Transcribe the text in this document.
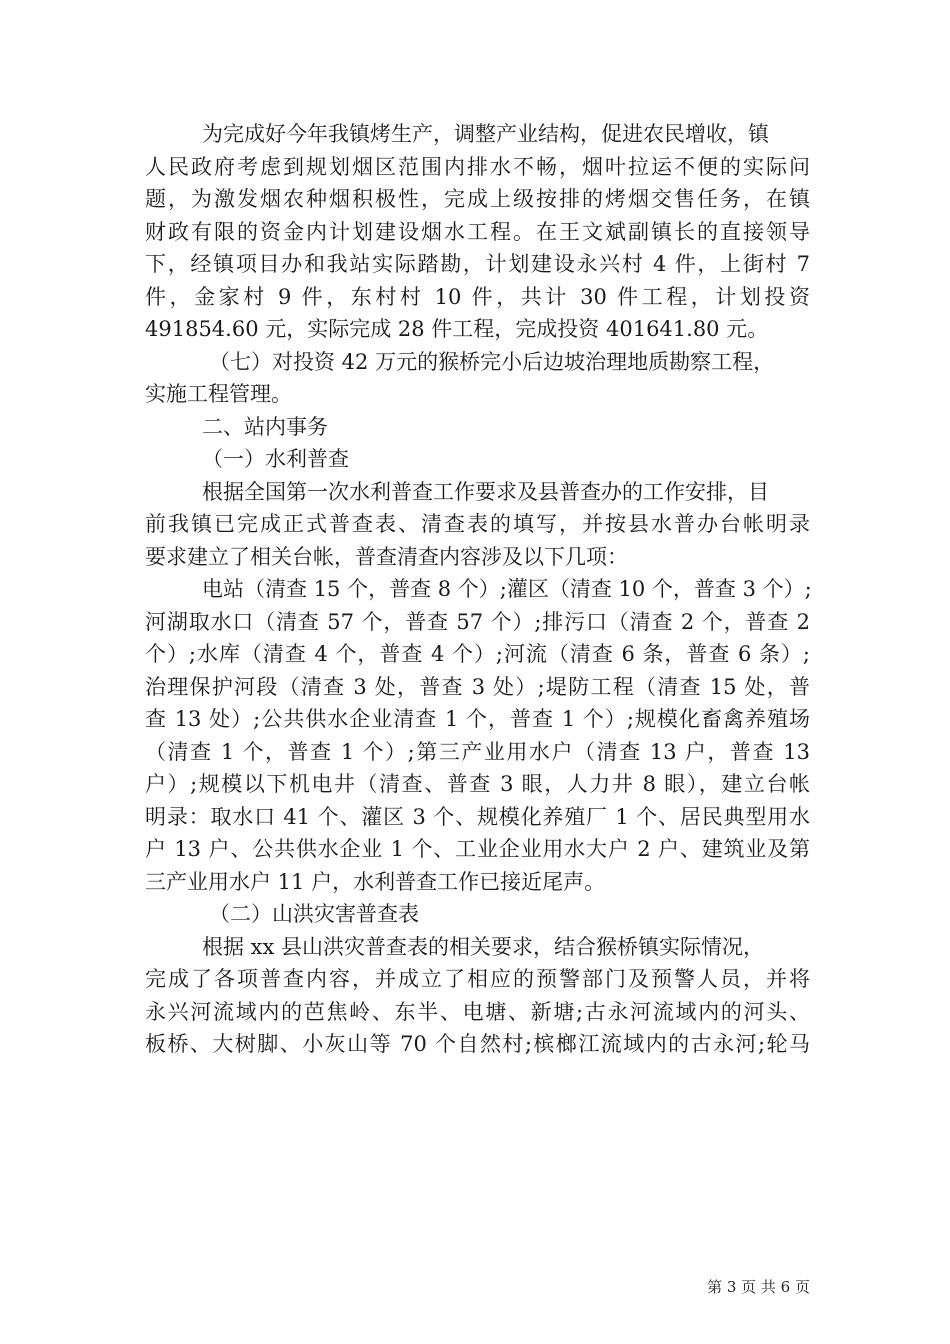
为完成好今年我镇烤生产，调整产业结构，促进农民增收，镇
人民政府考虑到规划烟区范围内排水不畅，烟叶拉运不便的实际问
题，为激发烟农种烟积极性，完成上级按排的烤烟交售任务，在镇
财政有限的资金内计划建设烟水工程。在王文斌副镇长的直接领导
下，经镇项目办和我站实际踏勘，计划建设永兴村 4 件，上街村 7
件，金家村 9 件，东村村 10 件，共计 30 件工程，计划投资
491854.60 元，实际完成 28 件工程，完成投资 401641.80 元。
（七）对投资 42 万元的猴桥完小后边坡治理地质勘察工程，
实施工程管理。
二、站内事务
（一）水利普查
根据全国第一次水利普查工作要求及县普查办的工作安排，目
前我镇已完成正式普查表、清查表的填写，并按县水普办台帐明录
要求建立了相关台帐，普查清查内容涉及以下几项：
电站（清查 15 个，普查 8 个）;灌区（清查 10 个，普查 3 个）;
河湖取水口（清查 57 个，普查 57 个）;排污口（清查 2 个，普查 2
个）;水库（清查 4 个，普查 4 个）;河流（清查 6 条，普查 6 条）;
治理保护河段（清查 3 处，普查 3 处）;堤防工程（清查 15 处，普
查 13 处）;公共供水企业清查 1 个，普查 1 个）;规模化畜禽养殖场
（清查 1 个，普查 1 个）;第三产业用水户（清查 13 户，普查 13
户）;规模以下机电井（清查、普查 3 眼，人力井 8 眼），建立台帐
明录：取水口 41 个、灌区 3 个、规模化养殖厂 1 个、居民典型用水
户 13 户、公共供水企业 1 个、工业企业用水大户 2 户、建筑业及第
三产业用水户 11 户，水利普查工作已接近尾声。
（二）山洪灾害普查表
根据 xx 县山洪灾普查表的相关要求，结合猴桥镇实际情况，
完成了各项普查内容，并成立了相应的预警部门及预警人员，并将
永兴河流域内的芭焦岭、东半、电塘、新塘;古永河流域内的河头、
板桥、大树脚、小灰山等 70 个自然村;槟榔江流域内的古永河;轮马
第 3 页 共 6 页
